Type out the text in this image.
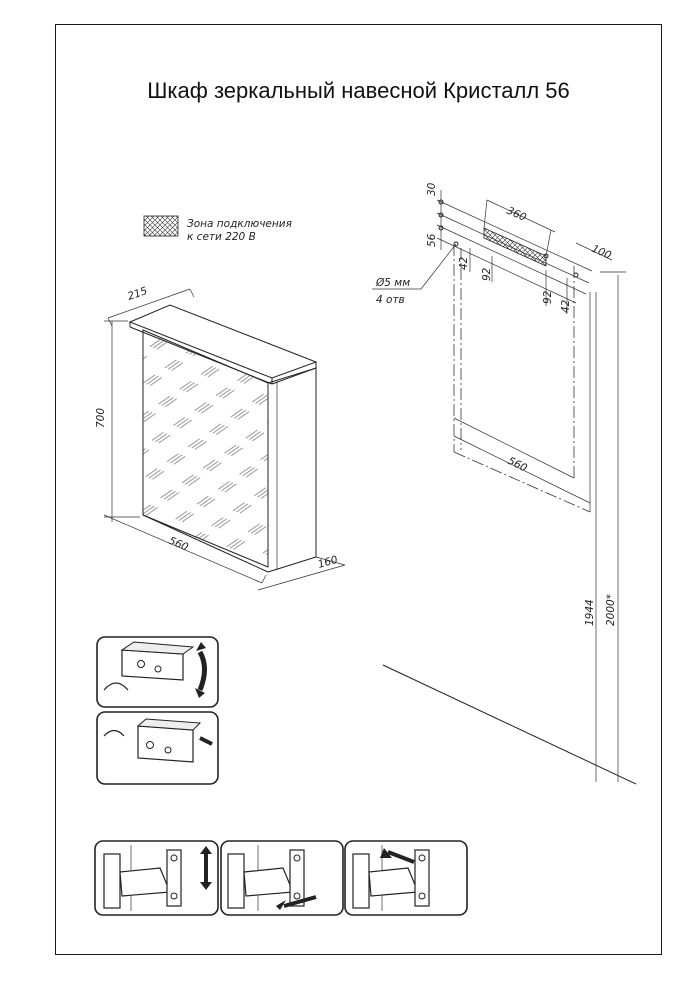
Шкаф зеркальный навесной Кристалл 56
Зона подключения
к сети 220 В
215
700
560
160
30
56
360
100
42
92
92
42
Ø5 мм
4 отв
560
1944 2000*
